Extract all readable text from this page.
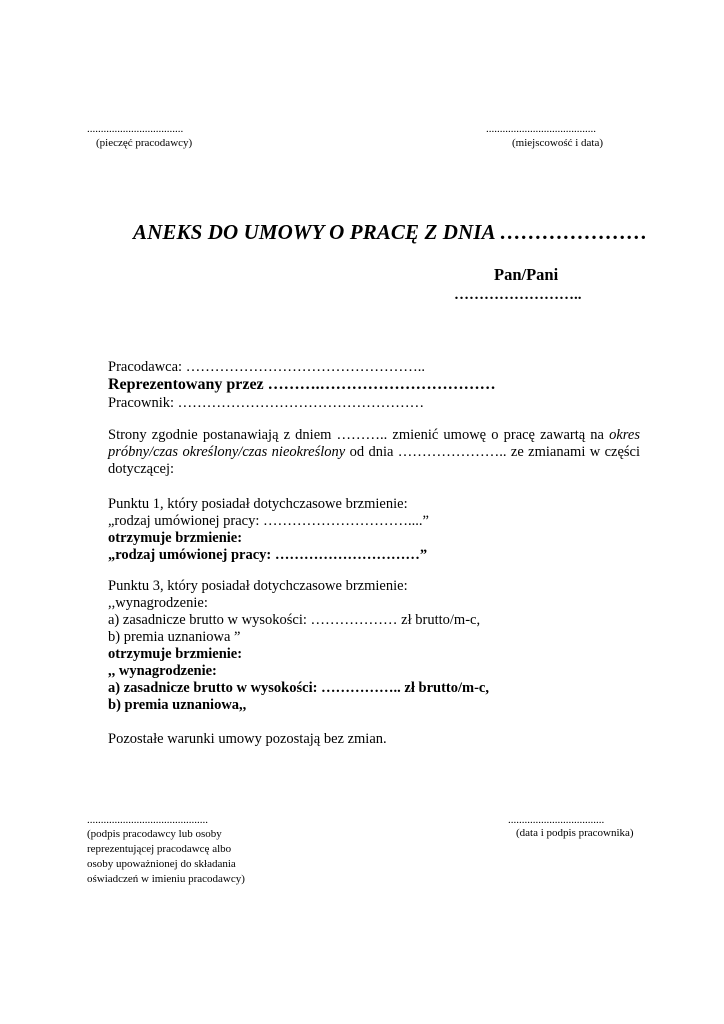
...................................
(pieczęć pracodawcy)
........................................
(miejscowość i data)
ANEKS DO UMOWY O PRACĘ Z DNIA …………………
Pan/Pani
……………………..
Pracodawca: …………………………………………..
Reprezentowany przez ……….……………………………
Pracownik: ……………………………………………
Strony zgodnie postanawiają z dniem ……….. zmienić umowę o pracę zawartą na okres próbny/czas określony/czas nieokreślony od dnia ………………….. ze zmianami w części dotyczącej:
Punktu 1, który posiadał dotychczasowe brzmienie:
„rodzaj umówionej pracy: …………………………....”
otrzymuje brzmienie:
„rodzaj umówionej pracy: …………………………”
Punktu 3, który posiadał dotychczasowe brzmienie:
,,wynagrodzenie:
a) zasadnicze brutto w wysokości: ……………… zł brutto/m-c,
b) premia uznaniowa ”
otrzymuje brzmienie:
,, wynagrodzenie:
a) zasadnicze brutto w wysokości: …………….. zł brutto/m-c,
b) premia uznaniowa,,
Pozostałe warunki umowy pozostają bez zmian.
............................................
(podpis pracodawcy lub osoby
reprezentującej pracodawcę albo
osoby upoważnionej do składania
oświadczeń w imieniu pracodawcy)
...................................
(data i podpis pracownika)
